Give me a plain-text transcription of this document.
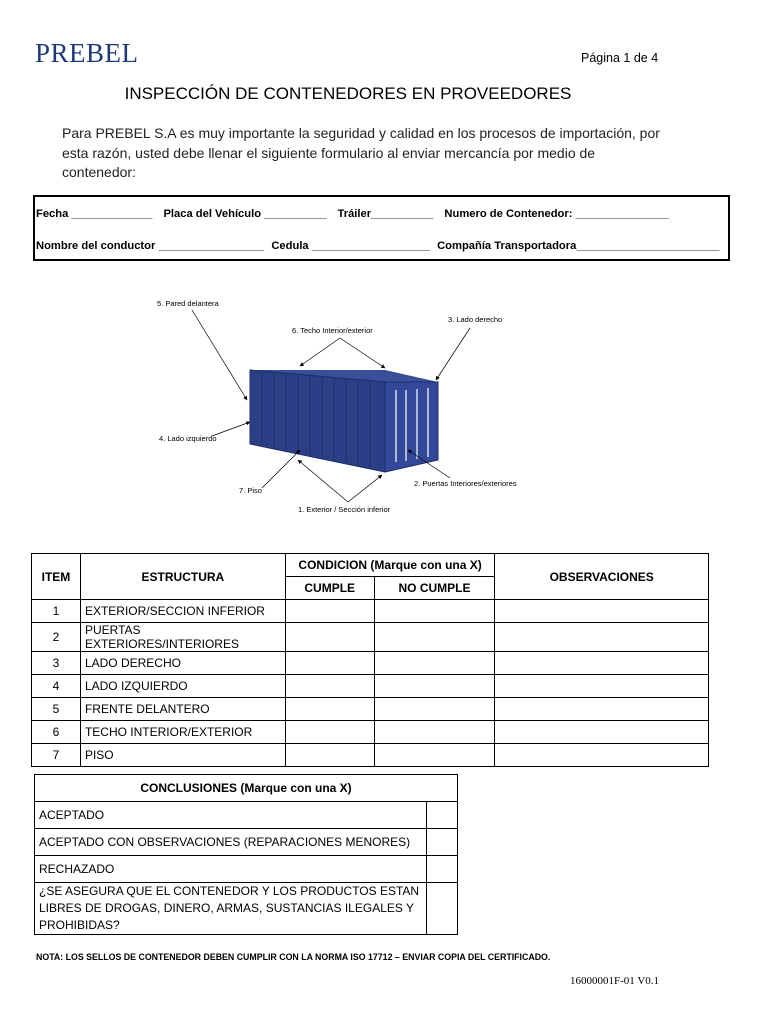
PREBEL	Página 1 de 4
INSPECCIÓN DE CONTENEDORES EN PROVEEDORES
Para PREBEL S.A es muy importante la seguridad y calidad en los procesos de importación, por esta razón, usted debe llenar el siguiente formulario al enviar mercancía por medio de contenedor:
Fecha _____________ Placa del Vehículo __________ Tráiler__________ Numero de Contenedor: _______________
Nombre del conductor _________________ Cedula ___________________ Compañía Transportadora_______________________
5. Pared delantera
6. Techo Interior/exterior
3. Lado derecho
4. Lado izquierdo
7. Piso
2. Puertas Interiores/exteriores
1. Exterior / Sección inferior
ITEM	ESTRUCTURA	CONDICION (Marque con una X)		OBSERVACIONES
		CUMPLE	NO CUMPLE	
1	EXTERIOR/SECCION INFERIOR			
2	PUERTAS EXTERIORES/INTERIORES			
3	LADO DERECHO			
4	LADO IZQUIERDO			
5	FRENTE DELANTERO			
6	TECHO INTERIOR/EXTERIOR			
7	PISO			
CONCLUSIONES (Marque con una X)	
ACEPTADO	
ACEPTADO CON OBSERVACIONES (REPARACIONES MENORES)	
RECHAZADO	
¿SE ASEGURA QUE EL CONTENEDOR Y LOS PRODUCTOS ESTAN LIBRES DE DROGAS, DINERO, ARMAS, SUSTANCIAS ILEGALES Y PROHIBIDAS?	
NOTA: LOS SELLOS DE CONTENEDOR DEBEN CUMPLIR CON LA NORMA ISO 17712 – ENVIAR COPIA DEL CERTIFICADO.
16000001F-01 V0.1
